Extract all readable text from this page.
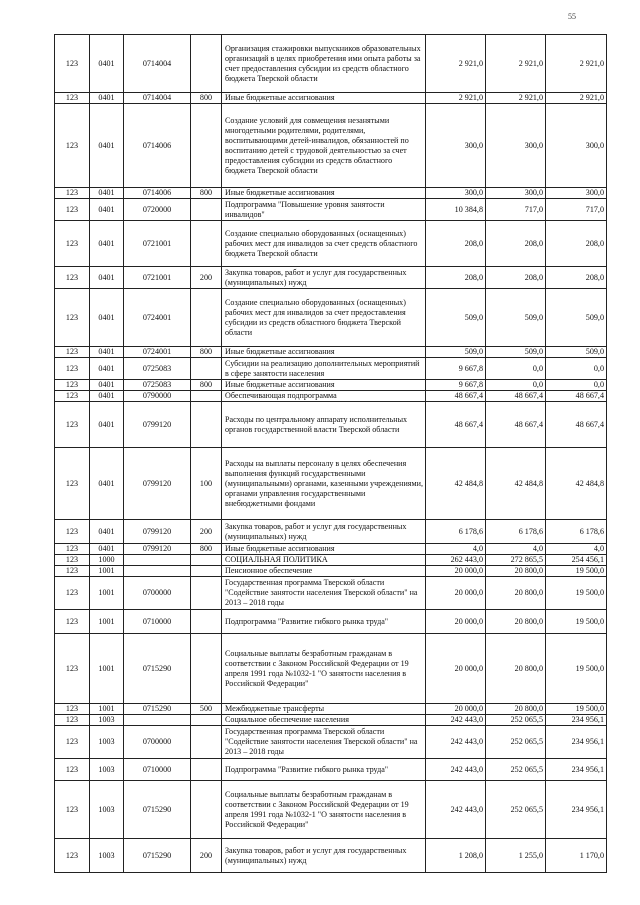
55
123	0401	0714004		Организация стажировки выпускников образовательных организаций в целях приобретения ими опыта работы за счет предоставления субсидии из средств областного бюджета Тверской области	2 921,0	2 921,0	2 921,0
123	0401	0714004	800	Иные бюджетные ассигнования	2 921,0	2 921,0	2 921,0
123	0401	0714006		Создание условий для совмещения незанятыми многодетными родителями, родителями, воспитывающими детей-инвалидов, обязанностей по воспитанию детей с трудовой деятельностью за счет предоставления субсидии из средств областного бюджета Тверской области	300,0	300,0	300,0
123	0401	0714006	800	Иные бюджетные ассигнования	300,0	300,0	300,0
123	0401	0720000		Подпрограмма "Повышение уровня занятости инвалидов"	10 384,8	717,0	717,0
123	0401	0721001		Создание специально оборудованных (оснащенных) рабочих мест для инвалидов за счет средств областного бюджета Тверской области	208,0	208,0	208,0
123	0401	0721001	200	Закупка товаров, работ и услуг для государственных (муниципальных) нужд	208,0	208,0	208,0
123	0401	0724001		Создание специально оборудованных (оснащенных) рабочих мест для инвалидов за счет предоставления субсидии из средств областного бюджета Тверской области	509,0	509,0	509,0
123	0401	0724001	800	Иные бюджетные ассигнования	509,0	509,0	509,0
123	0401	0725083		Субсидии на реализацию дополнительных мероприятий в сфере занятости населения	9 667,8	0,0	0,0
123	0401	0725083	800	Иные бюджетные ассигнования	9 667,8	0,0	0,0
123	0401	0790000		Обеспечивающая подпрограмма	48 667,4	48 667,4	48 667,4
123	0401	0799120		Расходы по центральному аппарату исполнительных органов государственной власти Тверской области	48 667,4	48 667,4	48 667,4
123	0401	0799120	100	Расходы на выплаты персоналу в целях обеспечения выполнения функций государственными (муниципальными) органами, казенными учреждениями, органами управления государственными внебюджетными фондами	42 484,8	42 484,8	42 484,8
123	0401	0799120	200	Закупка товаров, работ и услуг для государственных (муниципальных) нужд	6 178,6	6 178,6	6 178,6
123	0401	0799120	800	Иные бюджетные ассигнования	4,0	4,0	4,0
123	1000			СОЦИАЛЬНАЯ ПОЛИТИКА	262 443,0	272 865,5	254 456,1
123	1001			Пенсионное обеспечение	20 000,0	20 800,0	19 500,0
123	1001	0700000		Государственная программа Тверской области "Содействие занятости населения Тверской области" на 2013 – 2018 годы	20 000,0	20 800,0	19 500,0
123	1001	0710000		Подпрограмма "Развитие гибкого рынка труда"	20 000,0	20 800,0	19 500,0
123	1001	0715290		Социальные выплаты безработным гражданам в соответствии с Законом Российской Федерации от 19 апреля 1991 года №1032-1 "О занятости населения в Российской Федерации"	20 000,0	20 800,0	19 500,0
123	1001	0715290	500	Межбюджетные трансферты	20 000,0	20 800,0	19 500,0
123	1003			Социальное обеспечение населения	242 443,0	252 065,5	234 956,1
123	1003	0700000		Государственная программа Тверской области "Содействие занятости населения Тверской области" на 2013 – 2018 годы	242 443,0	252 065,5	234 956,1
123	1003	0710000		Подпрограмма "Развитие гибкого рынка труда"	242 443,0	252 065,5	234 956,1
123	1003	0715290		Социальные выплаты безработным гражданам в соответствии с Законом Российской Федерации от 19 апреля 1991 года №1032-1 "О занятости населения в Российской Федерации"	242 443,0	252 065,5	234 956,1
123	1003	0715290	200	Закупка товаров, работ и услуг для государственных (муниципальных) нужд	1 208,0	1 255,0	1 170,0
